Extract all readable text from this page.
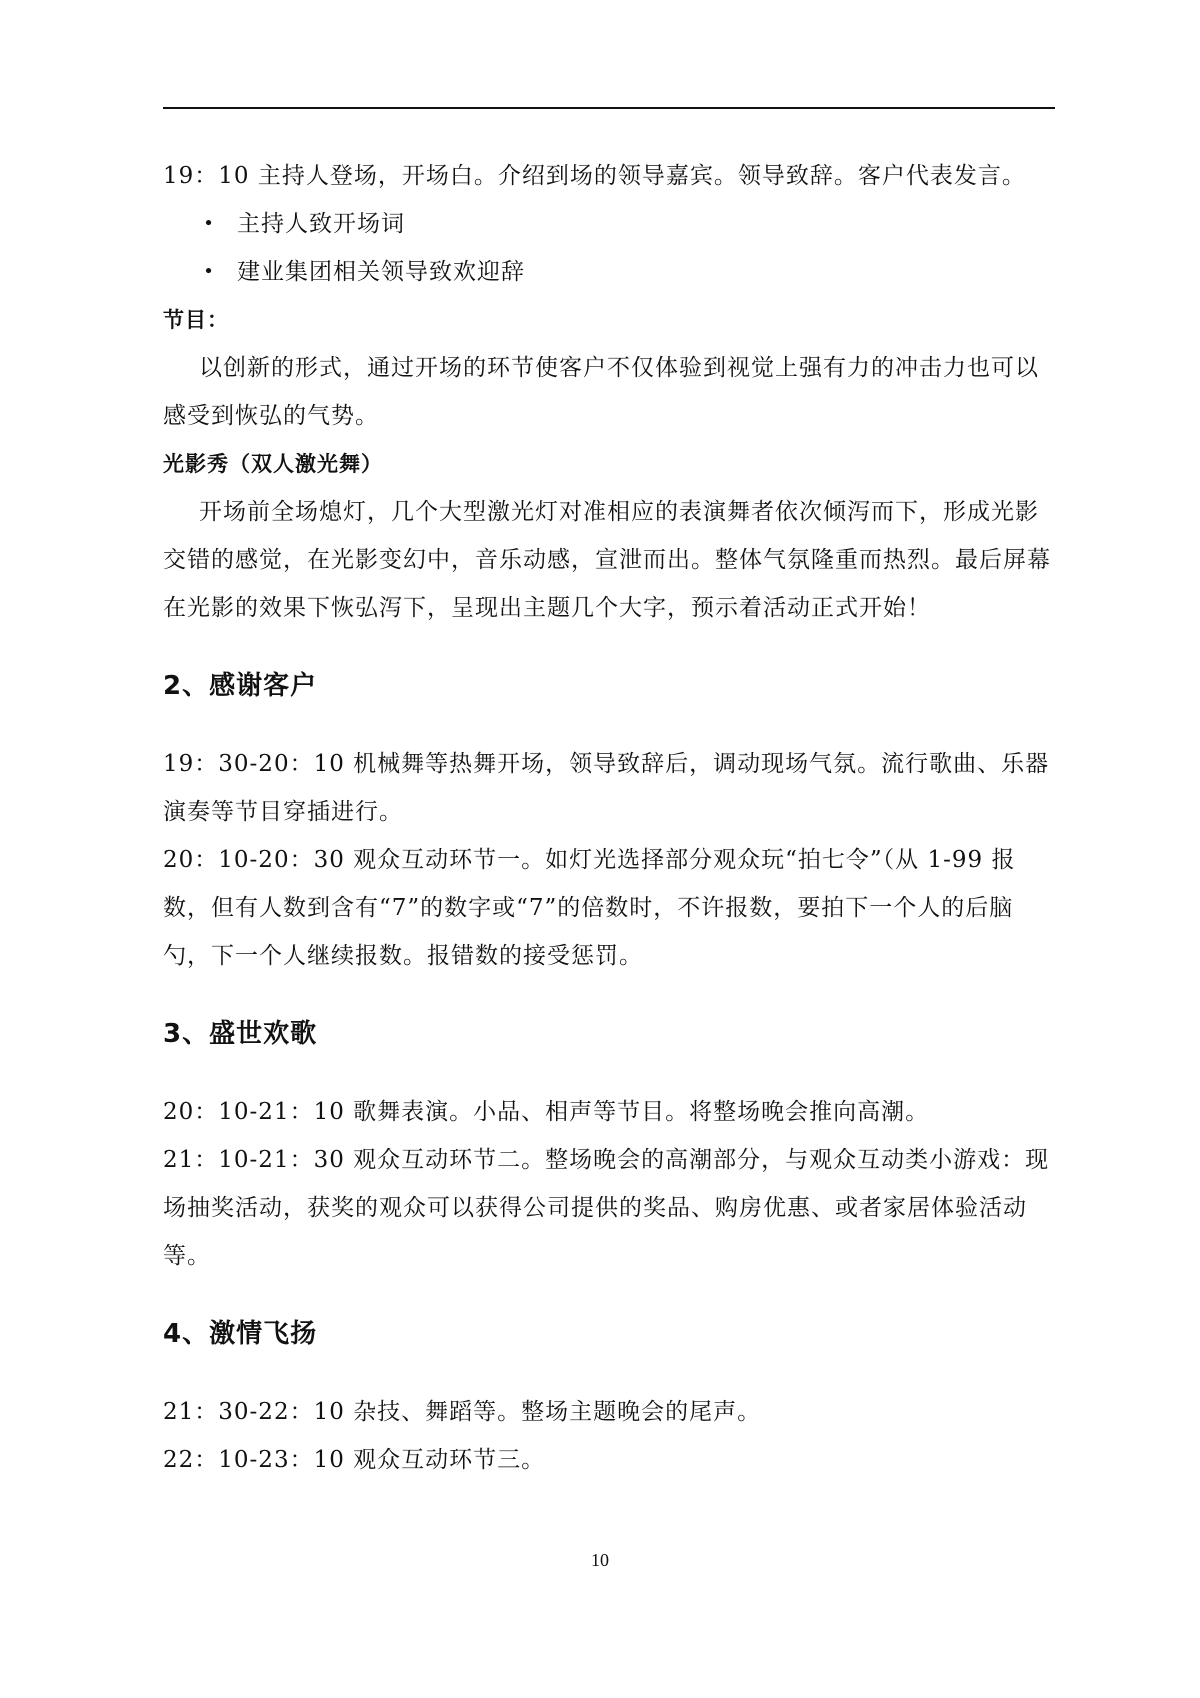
19：10 主持人登场，开场白。介绍到场的领导嘉宾。领导致辞。客户代表发言。

• 主持人致开场词
• 建业集团相关领导致欢迎辞

节目：

以创新的形式，通过开场的环节使客户不仅体验到视觉上强有力的冲击力也可以感受到恢弘的气势。

光影秀（双人激光舞）

开场前全场熄灯，几个大型激光灯对准相应的表演舞者依次倾泻而下，形成光影交错的感觉，在光影变幻中，音乐动感，宣泄而出。整体气氛隆重而热烈。最后屏幕在光影的效果下恢弘泻下，呈现出主题几个大字，预示着活动正式开始！

2、感谢客户

19：30-20：10 机械舞等热舞开场，领导致辞后，调动现场气氛。流行歌曲、乐器演奏等节目穿插进行。

20：10-20：30 观众互动环节一。如灯光选择部分观众玩“拍七令”（从 1-99 报数，但有人数到含有“7”的数字或“7”的倍数时，不许报数，要拍下一个人的后脑勺，下一个人继续报数。报错数的接受惩罚。

3、盛世欢歌

20：10-21：10 歌舞表演。小品、相声等节目。将整场晚会推向高潮。

21：10-21：30 观众互动环节二。整场晚会的高潮部分，与观众互动类小游戏：现场抽奖活动，获奖的观众可以获得公司提供的奖品、购房优惠、或者家居体验活动等。

4、激情飞扬

21：30-22：10 杂技、舞蹈等。整场主题晚会的尾声。

22：10-23：10 观众互动环节三。

10
